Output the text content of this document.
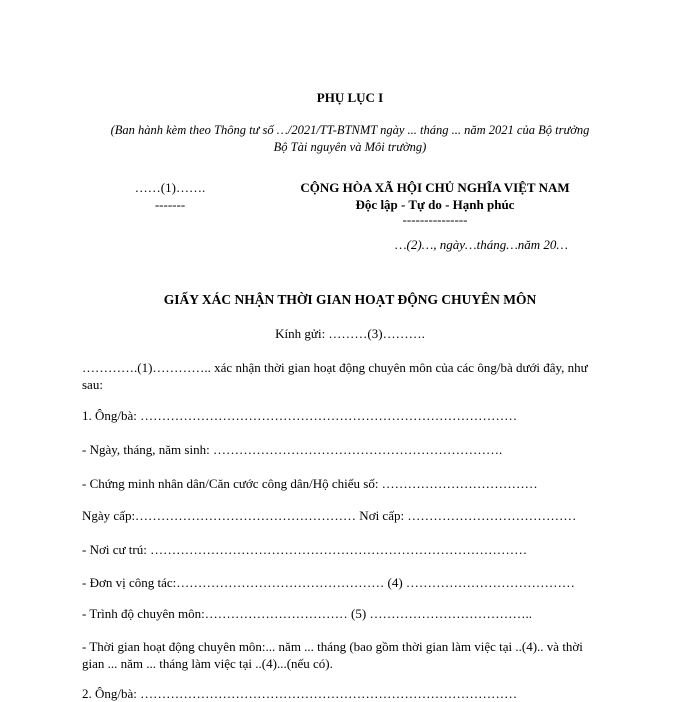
PHỤ LỤC I
(Ban hành kèm theo Thông tư số …/2021/TT-BTNMT ngày ... tháng ... năm 2021 của Bộ trưởng
Bộ Tài nguyên và Môi trường)
……(1)…….
-------
CỘNG HÒA XÃ HỘI CHỦ NGHĨA VIỆT NAM
Độc lập - Tự do - Hạnh phúc
---------------
…(2)…, ngày…tháng…năm 20…
GIẤY XÁC NHẬN THỜI GIAN HOẠT ĐỘNG CHUYÊN MÔN
Kính gửi: ………(3)……….
………….(1)………….. xác nhận thời gian hoạt động chuyên môn của các ông/bà dưới đây, như
sau:
1. Ông/bà: ……………………………………………………………………………
- Ngày, tháng, năm sinh: ………………………………………………………….
- Chứng minh nhân dân/Căn cước công dân/Hộ chiếu số: ………………………………
Ngày cấp:…………………………………………… Nơi cấp: …………………………………
- Nơi cư trú: ……………………………………………………………………………
- Đơn vị công tác:………………………………………… (4) …………………………………
- Trình độ chuyên môn:…………………………… (5) ………………………………..
- Thời gian hoạt động chuyên môn:... năm ... tháng (bao gồm thời gian làm việc tại ..(4).. và thời
gian ... năm ... tháng làm việc tại ..(4)...(nếu có).
2. Ông/bà: ……………………………………………………………………………
